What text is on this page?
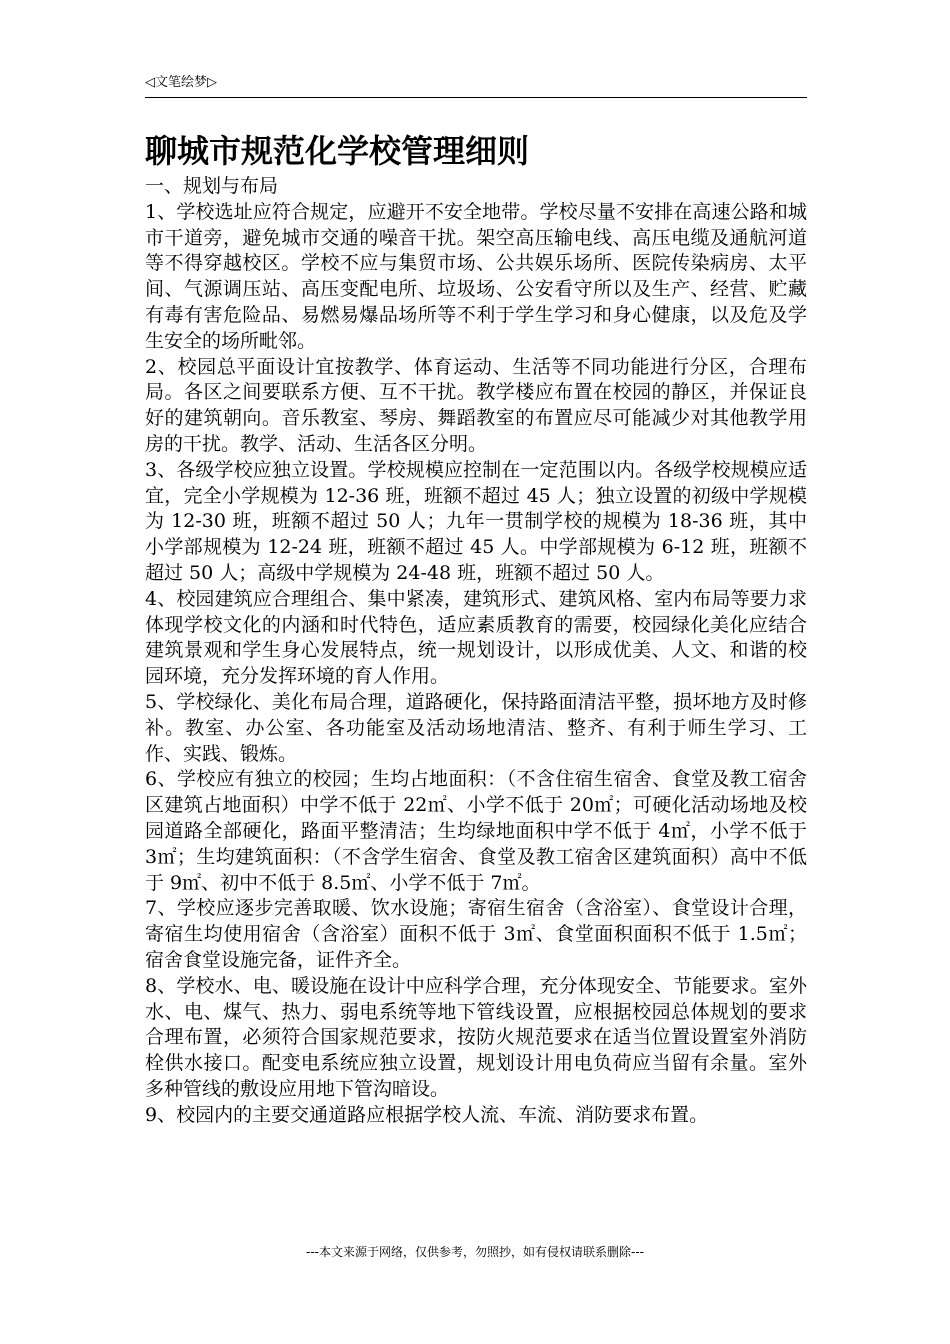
◁文笔绘梦▷
聊城市规范化学校管理细则

一、规划与布局

1、学校选址应符合规定，应避开不安全地带。学校尽量不安排在高速公路和城市干道旁，避免城市交通的噪音干扰。架空高压输电线、高压电缆及通航河道等不得穿越校区。学校不应与集贸市场、公共娱乐场所、医院传染病房、太平间、气源调压站、高压变配电所、垃圾场、公安看守所以及生产、经营、贮藏有毒有害危险品、易燃易爆品场所等不利于学生学习和身心健康，以及危及学生安全的场所毗邻。

2、校园总平面设计宜按教学、体育运动、生活等不同功能进行分区，合理布局。各区之间要联系方便、互不干扰。教学楼应布置在校园的静区，并保证良好的建筑朝向。音乐教室、琴房、舞蹈教室的布置应尽可能减少对其他教学用房的干扰。教学、活动、生活各区分明。

3、各级学校应独立设置。学校规模应控制在一定范围以内。各级学校规模应适宜，完全小学规模为 12-36 班，班额不超过 45 人；独立设置的初级中学规模为 12-30 班，班额不超过 50 人；九年一贯制学校的规模为 18-36 班，其中小学部规模为 12-24 班，班额不超过 45 人。中学部规模为 6-12 班，班额不超过 50 人；高级中学规模为 24-48 班，班额不超过 50 人。

4、校园建筑应合理组合、集中紧凑，建筑形式、建筑风格、室内布局等要力求体现学校文化的内涵和时代特色，适应素质教育的需要，校园绿化美化应结合建筑景观和学生身心发展特点，统一规划设计，以形成优美、人文、和谐的校园环境，充分发挥环境的育人作用。

5、学校绿化、美化布局合理，道路硬化，保持路面清洁平整，损坏地方及时修补。教室、办公室、各功能室及活动场地清洁、整齐、有利于师生学习、工作、实践、锻炼。

6、学校应有独立的校园；生均占地面积：（不含住宿生宿舍、食堂及教工宿舍区建筑占地面积）中学不低于 22㎡、小学不低于 20㎡；可硬化活动场地及校园道路全部硬化，路面平整清洁；生均绿地面积中学不低于 4㎡，小学不低于 3㎡；生均建筑面积：（不含学生宿舍、食堂及教工宿舍区建筑面积）高中不低于 9㎡、初中不低于 8.5㎡、小学不低于 7㎡。

7、学校应逐步完善取暖、饮水设施；寄宿生宿舍（含浴室）、食堂设计合理，寄宿生均使用宿舍（含浴室）面积不低于 3㎡、食堂面积面积不低于 1.5㎡；宿舍食堂设施完备，证件齐全。

8、学校水、电、暖设施在设计中应科学合理，充分体现安全、节能要求。室外水、电、煤气、热力、弱电系统等地下管线设置，应根据校园总体规划的要求合理布置，必须符合国家规范要求，按防火规范要求在适当位置设置室外消防栓供水接口。配变电系统应独立设置，规划设计用电负荷应当留有余量。室外多种管线的敷设应用地下管沟暗设。

9、校园内的主要交通道路应根据学校人流、车流、消防要求布置。

---本文来源于网络，仅供参考，勿照抄，如有侵权请联系删除---
